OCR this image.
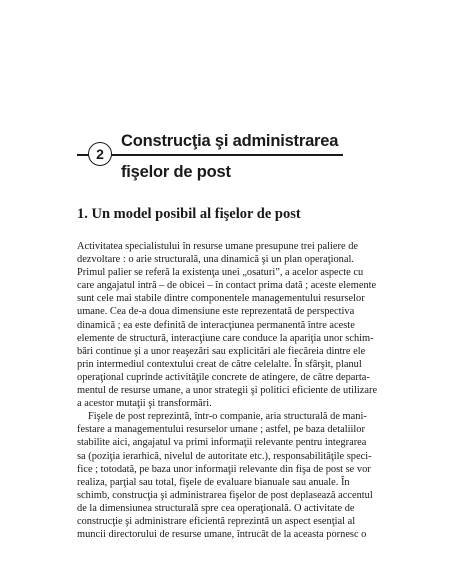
2
Construcţia şi administrarea
fişelor de post
1. Un model posibil al fişelor de post
Activitatea specialistului în resurse umane presupune trei paliere de
dezvoltare : o arie structurală, una dinamică şi un plan operaţional.
Primul palier se referă la existenţa unei „osaturi”, a acelor aspecte cu
care angajatul intră – de obicei – în contact prima dată ; aceste elemente
sunt cele mai stabile dintre componentele managementului resurselor
umane. Cea de-a doua dimensiune este reprezentată de perspectiva
dinamică ; ea este definită de interacţiunea permanentă între aceste
elemente de structură, interacţiune care conduce la apariţia unor schim-
bări continue şi a unor reaşezări sau explicitări ale fiecăreia dintre ele
prin intermediul contextului creat de către celelalte. În sfârşit, planul
operaţional cuprinde activităţile concrete de atingere, de către departa-
mentul de resurse umane, a unor strategii şi politici eficiente de utilizare
a acestor mutaţii şi transformări.
Fişele de post reprezintă, într-o companie, aria structurală de mani-
festare a managementului resurselor umane ; astfel, pe baza detaliilor
stabilite aici, angajatul va primi informaţii relevante pentru integrarea
sa (poziţia ierarhică, nivelul de autoritate etc.), responsabilităţile speci-
fice ; totodată, pe baza unor informaţii relevante din fişa de post se vor
realiza, parţial sau total, fişele de evaluare bianuale sau anuale. În
schimb, construcţia şi administrarea fişelor de post deplasează accentul
de la dimensiunea structurală spre cea operaţională. O activitate de
construcţie şi administrare eficientă reprezintă un aspect esenţial al
muncii directorului de resurse umane, întrucât de la aceasta pornesc o
